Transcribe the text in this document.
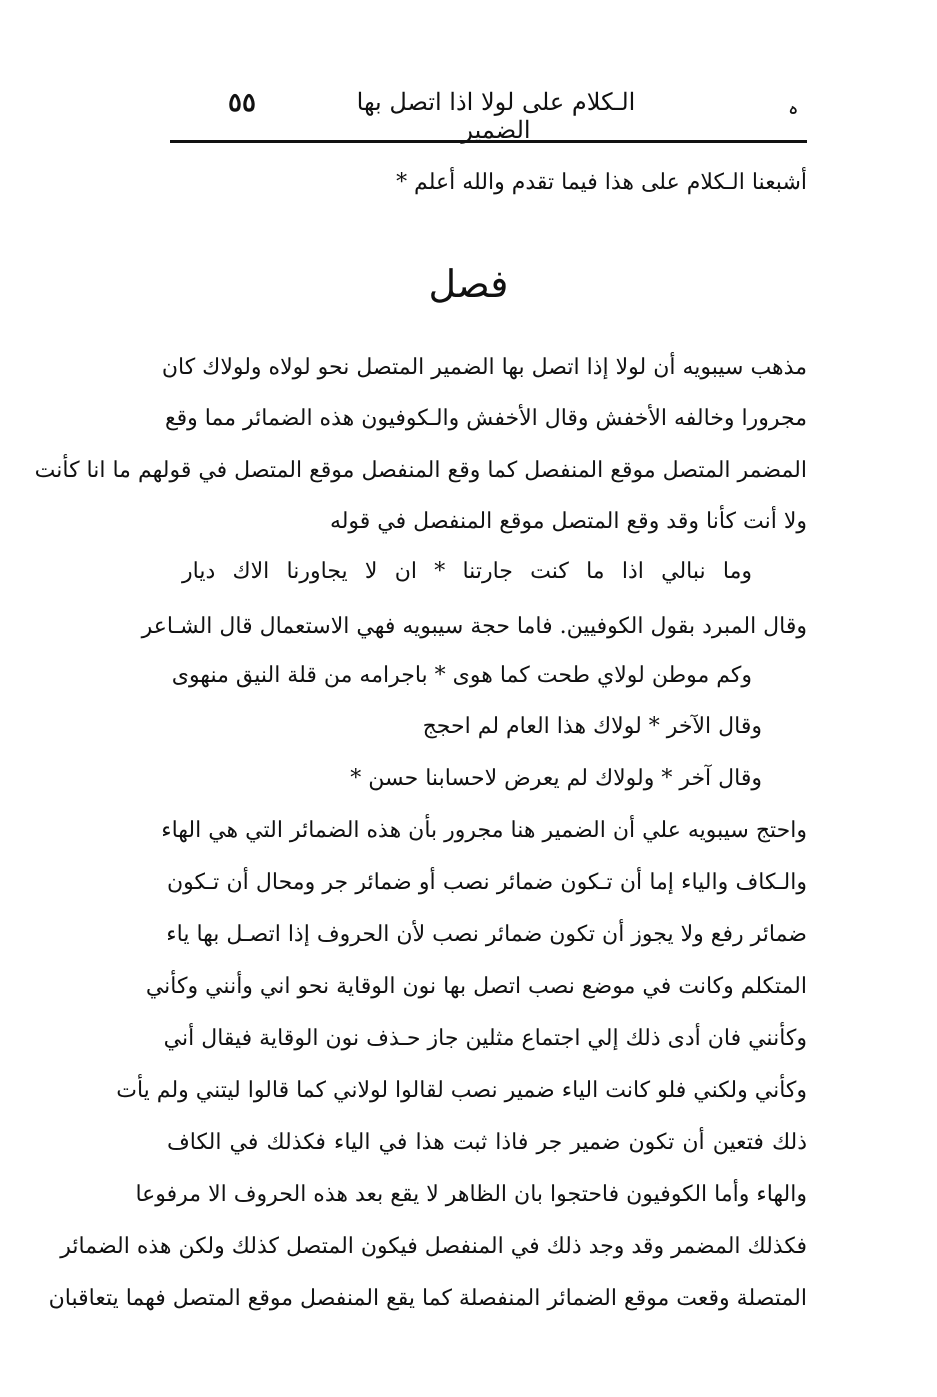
ہ
الـكلام على لولا اذا اتصل بها الضمير
٥٥
أشبعنا الـكلام على هذا فيما تقدم والله أعلم *
فصل
مذهب سيبويه أن لولا إذا اتصل بها الضمير المتصل نحو لولاه ولولاك كان
مجرورا وخالفه الأخفش وقال الأخفش والـكوفيون هذه الضمائر مما وقع
المضمر المتصل موقع المنفصل كما وقع المنفصل موقع المتصل في قولهم ما انا كأنت
ولا أنت كأنا وقد وقع المتصل موقع المنفصل في قوله
وما نبالي اذا ما كنت جارتنا * ان لا يجاورنا الاك ديار
وقال المبرد بقول الكوفيين. فاما حجة سيبويه فهي الاستعمال قال الشـاعر
وكم موطن لولاي طحت كما هوى * باجرامه من قلة النيق منهوى
وقال الآخر * لولاك هذا العام لم احجج
وقال آخر * ولولاك لم يعرض لاحسابنا حسن *
واحتج سيبويه علي أن الضمير هنا مجرور بأن هذه الضمائر التي هي الهاء
والـكاف والياء إما أن تـكون ضمائر نصب أو ضمائر جر ومحال أن تـكون
ضمائر رفع ولا يجوز أن تكون ضمائر نصب لأن الحروف إذا اتصـل بها ياء
المتكلم وكانت في موضع نصب اتصل بها نون الوقاية نحو اني وأنني وكأني
وكأنني فان أدى ذلك إلي اجتماع مثلين جاز حـذف نون الوقاية فيقال أني
وكأني ولكني فلو كانت الياء ضمير نصب لقالوا لولاني كما قالوا ليتني ولم يأت
ذلك فتعين أن تكون ضمير جر فاذا ثبت هذا في الياء فكذلك في الكاف
والهاء وأما الكوفيون فاحتجوا بان الظاهر لا يقع بعد هذه الحروف الا مرفوعا
فكذلك المضمر وقد وجد ذلك في المنفصل فيكون المتصل كذلك ولكن هذه الضمائر
المتصلة وقعت موقع الضمائر المنفصلة كما يقع المنفصل موقع المتصل فهما يتعاقبان
